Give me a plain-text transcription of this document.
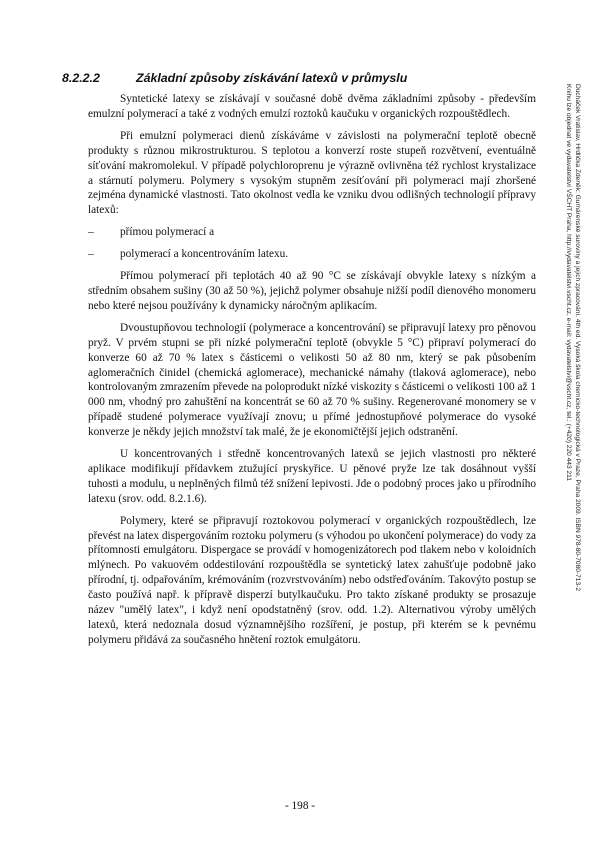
8.2.2.2	Základní způsoby získávání latexů v průmyslu

Syntetické latexy se získávají v současné době dvěma základními způsoby - především emulzní polymerací a také z vodných emulzí roztoků kaučuku v organických rozpouštědlech.

Při emulzní polymeraci dienů získáváme v závislosti na polymerační teplotě obecně produkty s různou mikrostrukturou. S teplotou a konverzí roste stupeň rozvětvení, eventuálně síťování makromolekul. V případě polychloroprenu je výrazně ovlivněna též rychlost krystalizace a stárnutí polymeru. Polymery s vysokým stupněm zesíťování při polymeraci mají zhoršené zejména dynamické vlastnosti. Tato okolnost vedla ke vzniku dvou odlišných technologií přípravy latexů:

– přímou polymerací a
– polymerací a koncentrováním latexu.

Přímou polymerací při teplotách 40 až 90 °C se získávají obvykle latexy s nízkým a středním obsahem sušiny (30 až 50 %), jejichž polymer obsahuje nižší podíl dienového monomeru nebo které nejsou používány k dynamicky náročným aplikacím.

Dvoustupňovou technologií (polymerace a koncentrování) se připravují latexy pro pěnovou pryž. V prvém stupni se při nízké polymerační teplotě (obvykle 5 °C) připraví polymerací do konverze 60 až 70 % latex s částicemi o velikosti 50 až 80 nm, který se pak působením aglomeračních činidel (chemická aglomerace), mechanické námahy (tlaková aglomerace), nebo kontrolovaným zmrazením převede na poloprodukt nízké viskozity s částicemi o velikosti 100 až 1 000 nm, vhodný pro zahuštění na koncentrát se 60 až 70 % sušiny. Regenerované monomery se v případě studené polymerace využívají znovu; u přímé jednostupňové polymerace do vysoké konverze je někdy jejich množství tak malé, že je ekonomičtější jejich odstranění.

U koncentrovaných i středně koncentrovaných latexů se jejich vlastnosti pro některé aplikace modifikují přídavkem ztužující pryskyřice. U pěnové pryže lze tak dosáhnout vyšší tuhosti a modulu, u neplněných filmů též snížení lepivosti. Jde o podobný proces jako u přírodního latexu (srov. odd. 8.2.1.6).

Polymery, které se připravují roztokovou polymerací v organických rozpouštědlech, lze převést na latex dispergováním roztoku polymeru (s výhodou po ukončení polymerace) do vody za přítomnosti emulgátoru. Dispergace se provádí v homogenizátorech pod tlakem nebo v koloidních mlýnech. Po vakuovém oddestilování rozpouštědla se syntetický latex zahušťuje podobně jako přírodní, tj. odpařováním, krémováním (rozvrstvováním) nebo odstřeďováním. Takovýto postup se často používá např. k přípravě disperzí butylkaučuku. Pro takto získané produkty se prosazuje název "umělý latex", i když není opodstatněný (srov. odd. 1.2). Alternativou výroby umělých latexů, která nedoznala dosud významnějšího rozšíření, je postup, při kterém se k pevnému polymeru přidává za současného hnětení roztok emulgátoru.

- 198 -
Ducháček Vratislav, Hrdlička Zdeněk: Gumárenské suroviny a jejich zpracování. 4th ed. Vysoká škola chemicko-technologická v Praze, Praha 2009. ISBN 978-80-7080-713-2
Knihu lze objednat ve vydavatelství VŠCHT Praha, http://vydavatelstvi.vscht.cz, e-mail: vydavatelstvi@vscht.cz, tel.: (+420) 220 443 211
